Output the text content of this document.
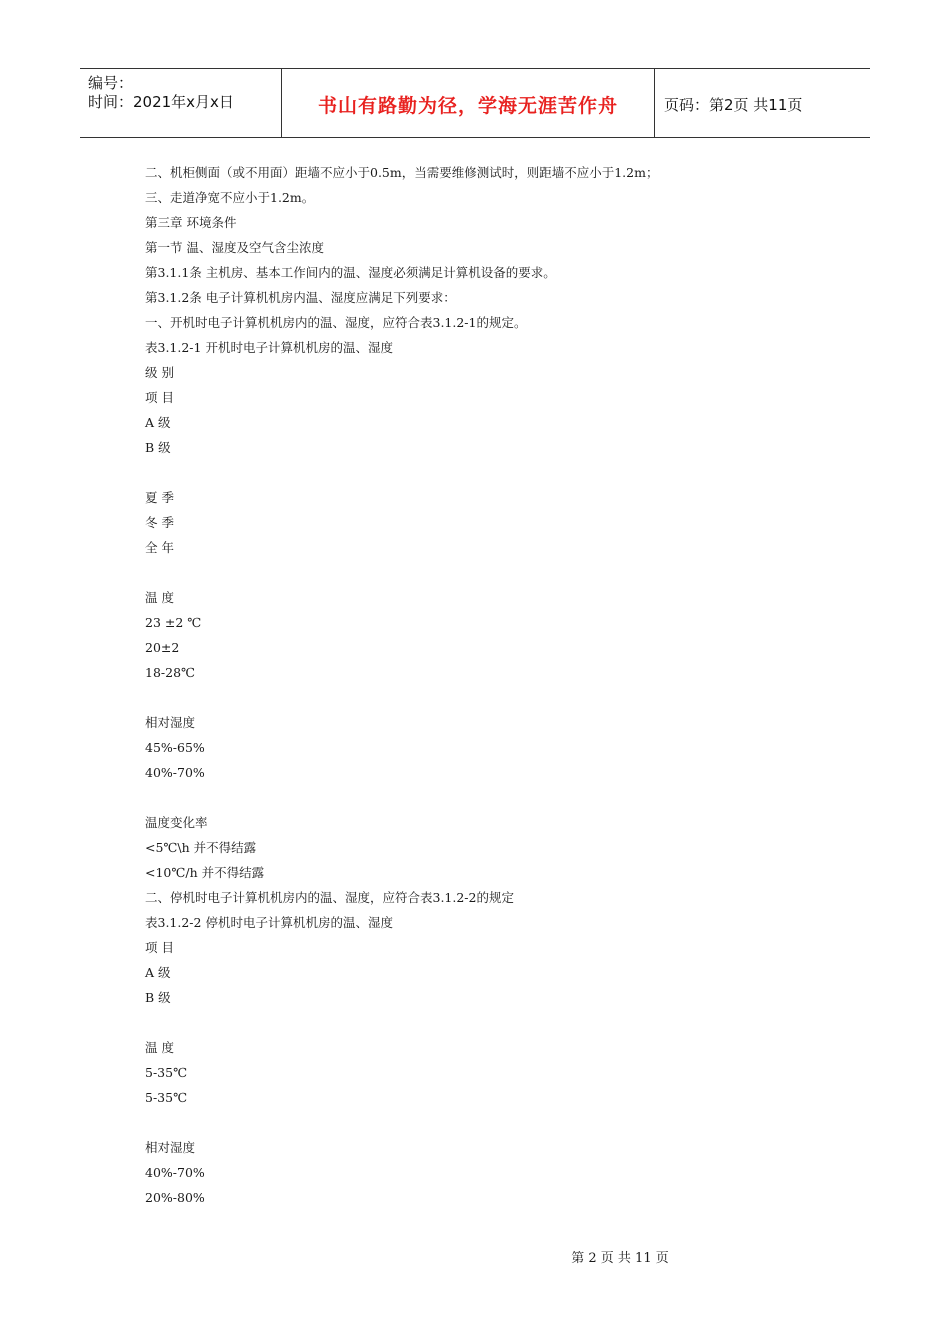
编号：
时间：2021年x月x日	书山有路勤为径，学海无涯苦作舟	页码：第2页 共11页
二、机柜侧面（或不用面）距墙不应小于0.5m，当需要维修测试时，则距墙不应小于1.2m；
三、走道净宽不应小于1.2m。
第三章 环境条件
第一节 温、湿度及空气含尘浓度
第3.1.1条 主机房、基本工作间内的温、湿度必须满足计算机设备的要求。
第3.1.2条 电子计算机机房内温、湿度应满足下列要求：
一、开机时电子计算机机房内的温、湿度，应符合表3.1.2-1的规定。
表3.1.2-1 开机时电子计算机机房的温、湿度
级 别
项 目
A 级
B 级
夏 季
冬 季
全 年
温 度
23 ±2 ℃
20±2
18-28℃
相对湿度
45%-65%
40%-70%
温度变化率
<5℃\h 并不得结露
<10℃/h 并不得结露
二、停机时电子计算机机房内的温、湿度，应符合表3.1.2-2的规定
表3.1.2-2 停机时电子计算机机房的温、湿度
项 目
A 级
B 级
温 度
5-35℃
5-35℃
相对湿度
40%-70%
20%-80%
第 2 页 共 11 页
